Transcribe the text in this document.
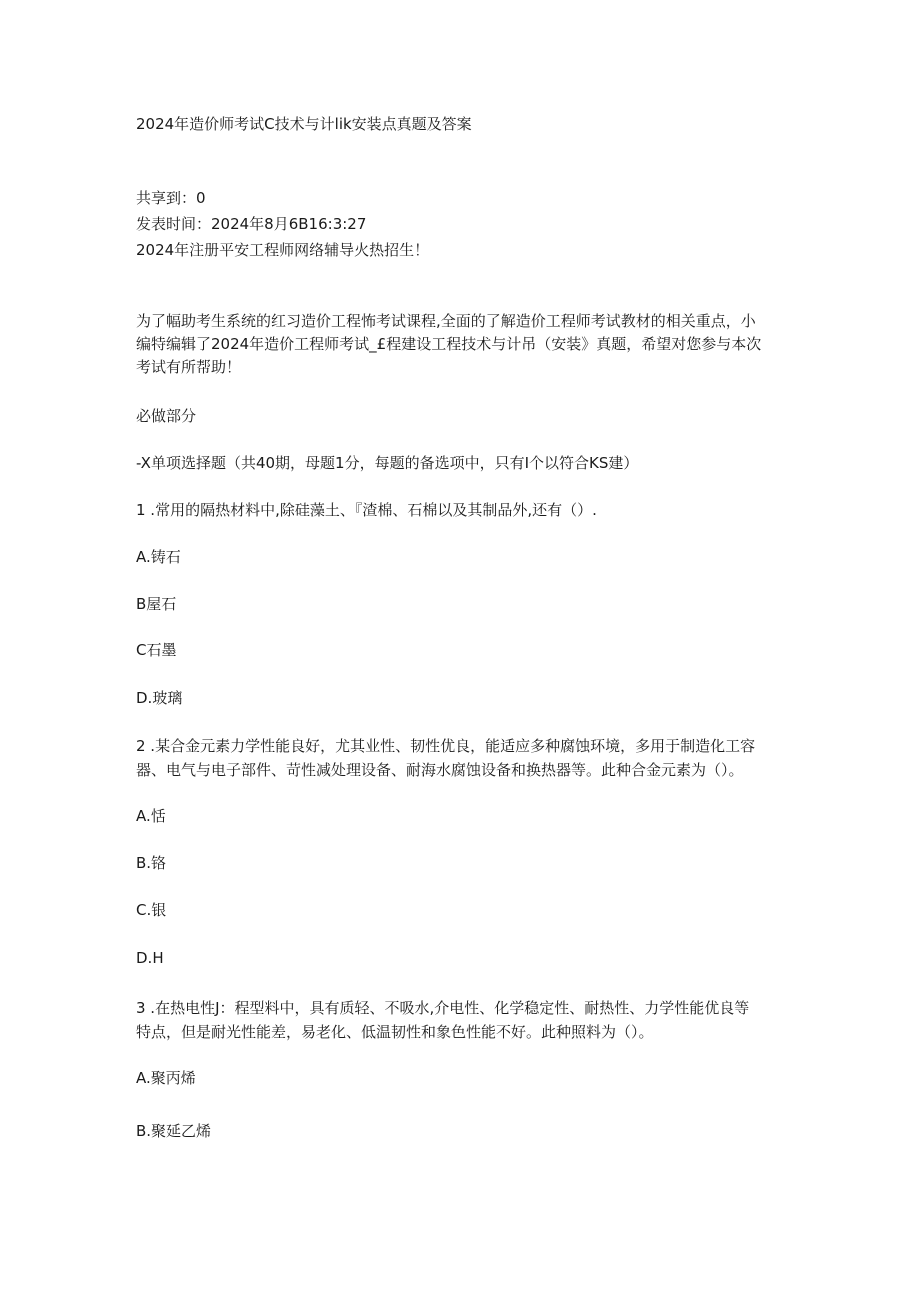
2024年造价师考试C技术与计lik安装点真题及答案
共享到：0
发表时间：2024年8月6B16:3:27
2024年注册平安工程师网络辅导火热招生！
为了幅助考生系统的红习造价工程怖考试课程,全面的了解造价工程师考试教材的相关重点，小
编特编辑了2024年造价工程师考试_£程建设工程技术与计吊（安装》真题，希望对您参与本次
考试有所帮助！
必做部分
-X单项选择题（共40期，母题1分，每题的备选项中，只有I个以符合KS建）
1 .常用的隔热材料中,除硅藻土、『渣棉、石棉以及其制品外,还有（）.
A.铸石
B屋石
C石墨
D.玻璃
2 .某合金元素力学性能良好，尤其业性、韧性优良，能适应多种腐蚀环境，多用于制造化工容
器、电气与电子部件、苛性减处理设备、耐海水腐蚀设备和换热器等。此种合金元素为（）。
A.恬
B.铬
C.银
D.H
3 .在热电性J：程型料中，具有质轻、不吸水,介电性、化学稳定性、耐热性、力学性能优良等
特点，但是耐光性能差，易老化、低温韧性和象色性能不好。此种照料为（）。
A.聚丙烯
B.聚延乙烯
